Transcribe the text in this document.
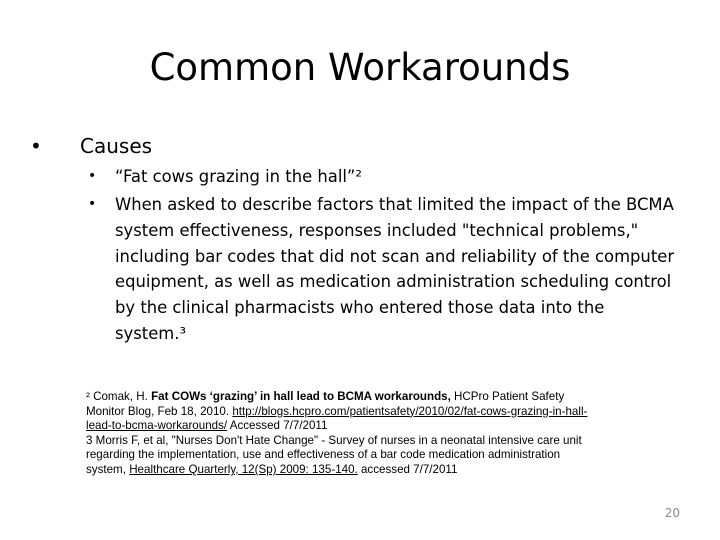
Common Workarounds
• Causes
• “Fat cows grazing in the hall”²
• When asked to describe factors that limited the impact of the BCMA system effectiveness, responses included "technical problems," including bar codes that did not scan and reliability of the computer equipment, as well as medication administration scheduling control by the clinical pharmacists who entered those data into the system.³
² Comak, H. Fat COWs ‘grazing’ in hall lead to BCMA workarounds, HCPro Patient Safety
Monitor Blog, Feb 18, 2010. http://blogs.hcpro.com/patientsafety/2010/02/fat-cows-grazing-in-hall-
lead-to-bcma-workarounds/ Accessed 7/7/2011
3 Morris F, et al, "Nurses Don't Hate Change" - Survey of nurses in a neonatal intensive care unit
regarding the implementation, use and effectiveness of a bar code medication administration
system, Healthcare Quarterly, 12(Sp) 2009: 135-140. accessed 7/7/2011
20
